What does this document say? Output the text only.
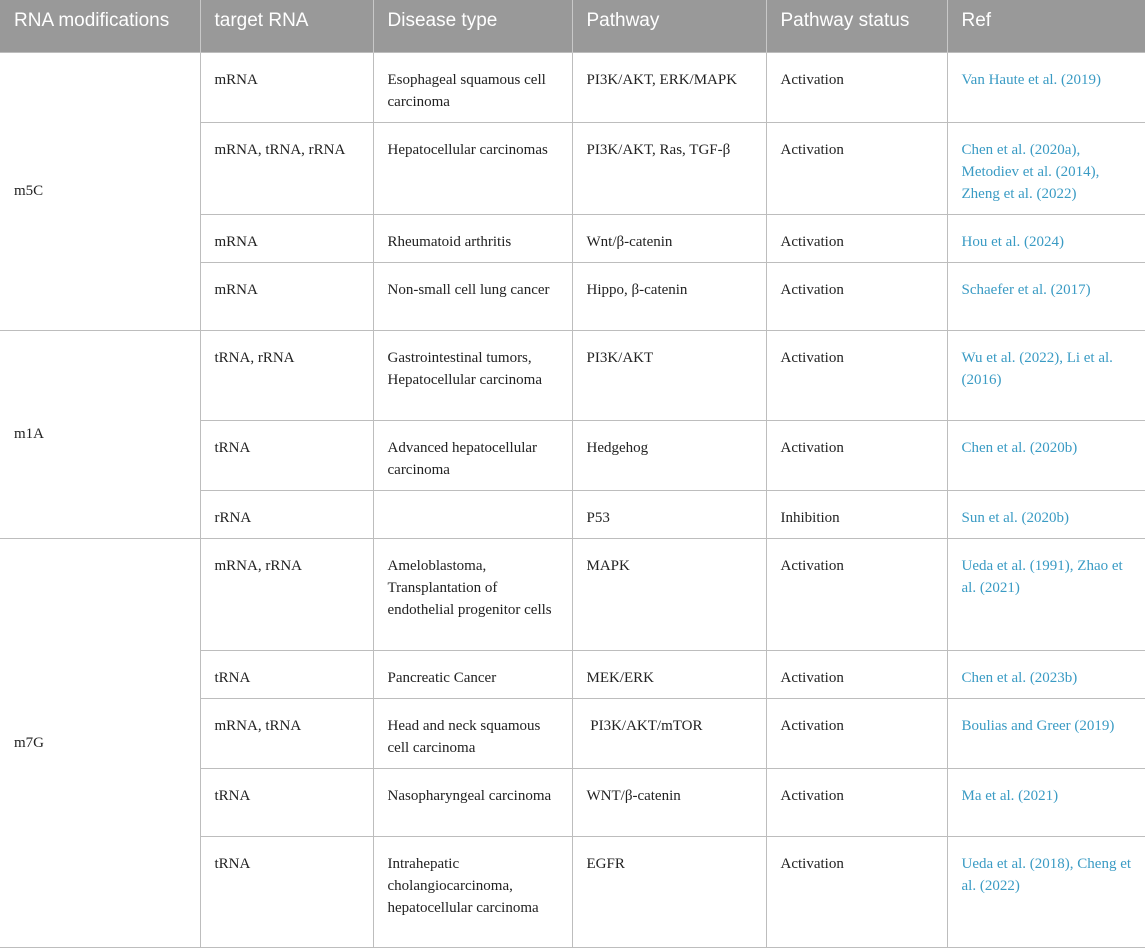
RNA modifications	target RNA	Disease type	Pathway	Pathway status	Ref
m5C	mRNA	Esophageal squamous cell carcinoma	PI3K/AKT, ERK/MAPK	Activation	Van Haute et al. (2019)
	mRNA, tRNA, rRNA	Hepatocellular carcinomas	PI3K/AKT, Ras, TGF-β	Activation	Chen et al. (2020a), Metodiev et al. (2014), Zheng et al. (2022)
	mRNA	Rheumatoid arthritis	Wnt/β-catenin	Activation	Hou et al. (2024)
	mRNA	Non-small cell lung cancer	Hippo, β-catenin	Activation	Schaefer et al. (2017)
m1A	tRNA, rRNA	Gastrointestinal tumors, Hepatocellular carcinoma	PI3K/AKT	Activation	Wu et al. (2022), Li et al. (2016)
	tRNA	Advanced hepatocellular carcinoma	Hedgehog	Activation	Chen et al. (2020b)
	rRNA		P53	Inhibition	Sun et al. (2020b)
m7G	mRNA, rRNA	Ameloblastoma, Transplantation of endothelial progenitor cells	MAPK	Activation	Ueda et al. (1991), Zhao et al. (2021)
	tRNA	Pancreatic Cancer	MEK/ERK	Activation	Chen et al. (2023b)
	mRNA, tRNA	Head and neck squamous cell carcinoma	PI3K/AKT/mTOR	Activation	Boulias and Greer (2019)
	tRNA	Nasopharyngeal carcinoma	WNT/β-catenin	Activation	Ma et al. (2021)
	tRNA	Intrahepatic cholangiocarcinoma, hepatocellular carcinoma	EGFR	Activation	Ueda et al. (2018), Cheng et al. (2022)
